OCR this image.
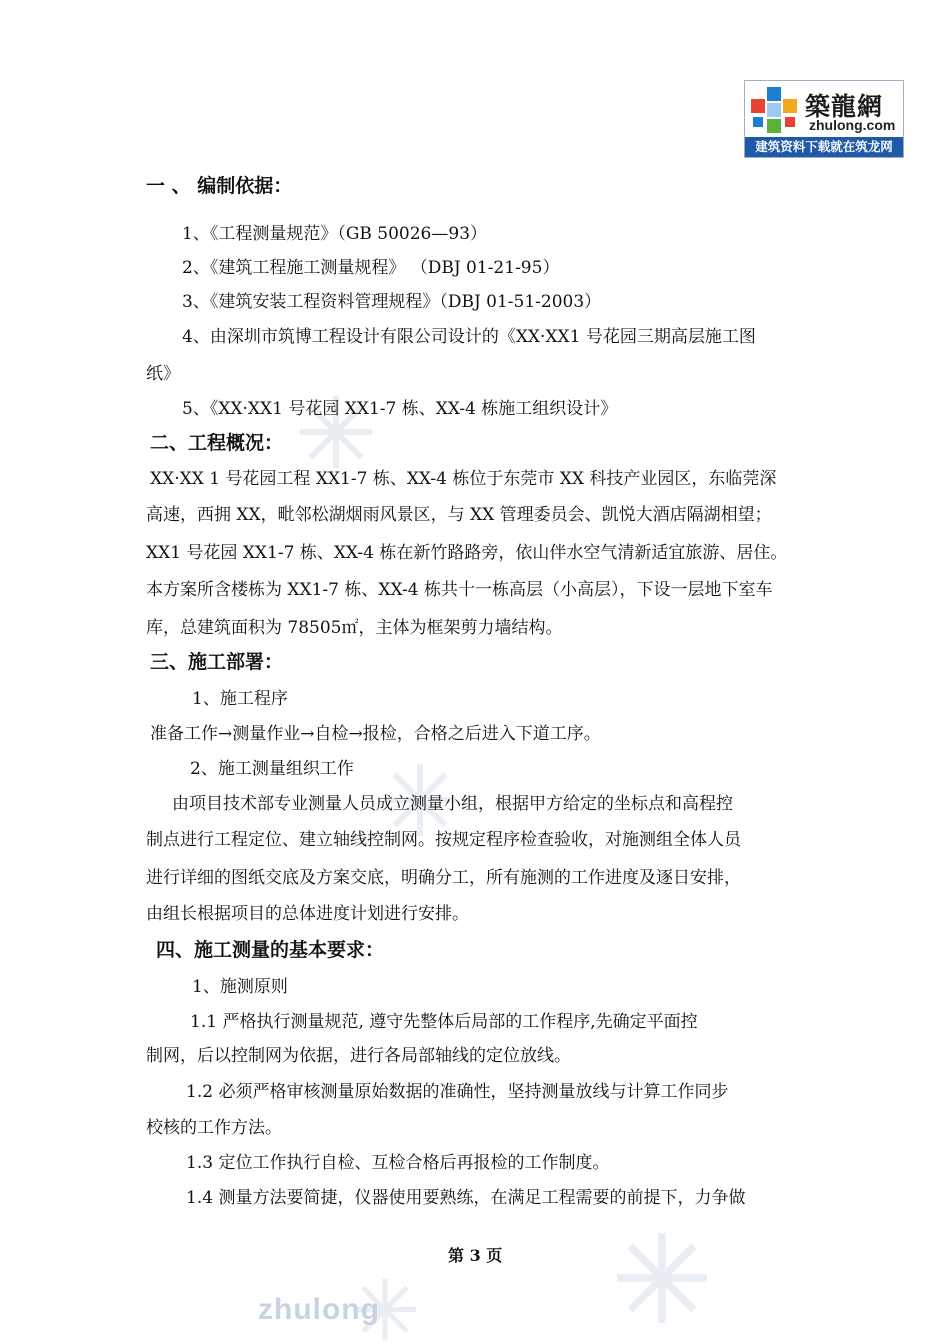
築龍網
zhulong.com
建筑资料下载就在筑龙网
zhulong
一 、 编制依据：
1、《工程测量规范》（GB 50026—93）
2、《建筑工程施工测量规程》 （DBJ 01-21-95）
3、《建筑安装工程资料管理规程》（DBJ 01-51-2003）
4、由深圳市筑博工程设计有限公司设计的《XX·XX1 号花园三期高层施工图
纸》
5、《XX·XX1 号花园 XX1-7 栋、XX-4 栋施工组织设计》
二、工程概况：
XX·XX 1 号花园工程 XX1-7 栋、XX-4 栋位于东莞市 XX 科技产业园区，东临莞深
高速，西拥 XX，毗邻松湖烟雨风景区，与 XX 管理委员会、凯悦大酒店隔湖相望；
XX1 号花园 XX1-7 栋、XX-4 栋在新竹路路旁，依山伴水空气清新适宜旅游、居住。
本方案所含楼栋为 XX1-7 栋、XX-4 栋共十一栋高层（小高层），下设一层地下室车
库，总建筑面积为 78505㎡，主体为框架剪力墙结构。
三、施工部署：
1、施工程序
准备工作→测量作业→自检→报检，合格之后进入下道工序。
2、施工测量组织工作
由项目技术部专业测量人员成立测量小组，根据甲方给定的坐标点和高程控
制点进行工程定位、建立轴线控制网。按规定程序检查验收，对施测组全体人员
进行详细的图纸交底及方案交底，明确分工，所有施测的工作进度及逐日安排，
由组长根据项目的总体进度计划进行安排。
四、施工测量的基本要求：
1、施测原则
1.1 严格执行测量规范, 遵守先整体后局部的工作程序,先确定平面控
制网，后以控制网为依据，进行各局部轴线的定位放线。
1.2 必须严格审核测量原始数据的准确性，坚持测量放线与计算工作同步
校核的工作方法。
1.3 定位工作执行自检、互检合格后再报检的工作制度。
1.4 测量方法要简捷，仪器使用要熟练，在满足工程需要的前提下，力争做
第 3 页
